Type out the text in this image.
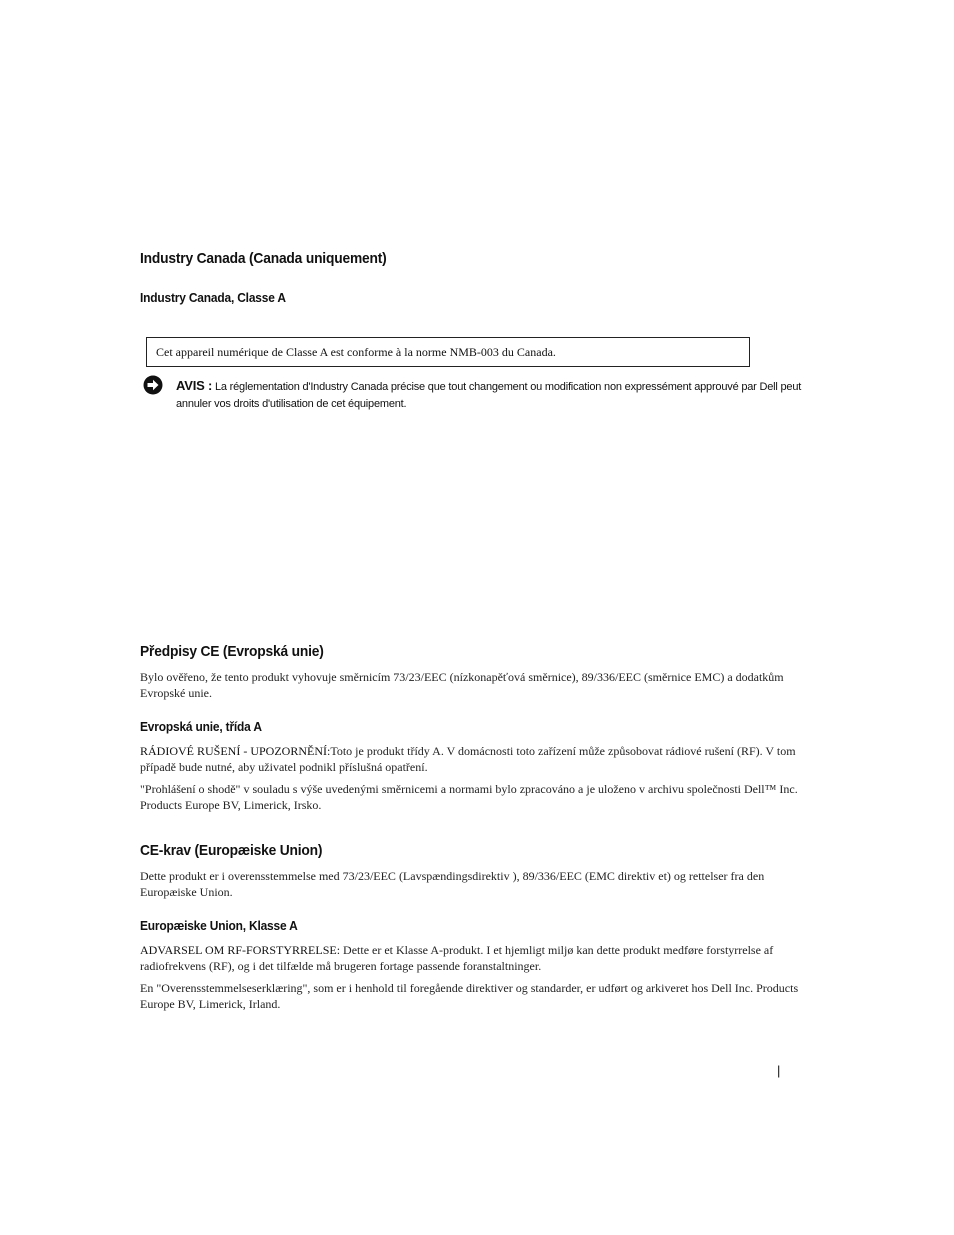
Industry Canada (Canada uniquement)
Industry Canada, Classe A
Cet appareil numérique de Classe A est conforme à la norme NMB-003 du Canada.
AVIS : La réglementation d'Industry Canada précise que tout changement ou modification non expressément approuvé par Dell peut annuler vos droits d'utilisation de cet équipement.
Předpisy CE (Evropská unie)
Bylo ověřeno, že tento produkt vyhovuje směrnicím 73/23/EEC (nízkonapěťová směrnice), 89/336/EEC (směrnice EMC) a dodatkům Evropské unie.
Evropská unie, třída A
RÁDIOVÉ RUŠENÍ - UPOZORNĚNÍ:Toto je produkt třídy A. V domácnosti toto zařízení může způsobovat rádiové rušení (RF). V tom případě bude nutné, aby uživatel podnikl příslušná opatření.
"Prohlášení o shodě" v souladu s výše uvedenými směrnicemi a normami bylo zpracováno a je uloženo v archivu společnosti Dell™ Inc. Products Europe BV, Limerick, Irsko.
CE-krav (Europæiske Union)
Dette produkt er i overensstemmelse med 73/23/EEC (Lavspændingsdirektiv ), 89/336/EEC (EMC direktiv et) og rettelser fra den Europæiske Union.
Europæiske Union, Klasse A
ADVARSEL OM RF-FORSTYRRELSE: Dette er et Klasse A-produkt. I et hjemligt miljø kan dette produkt medføre forstyrrelse af radiofrekvens (RF), og i det tilfælde må brugeren fortage passende foranstaltninger.
En "Overensstemmelseserklæring", som er i henhold til foregående direktiver og standarder, er udført og arkiveret hos Dell Inc. Products Europe BV, Limerick, Irland.
|
